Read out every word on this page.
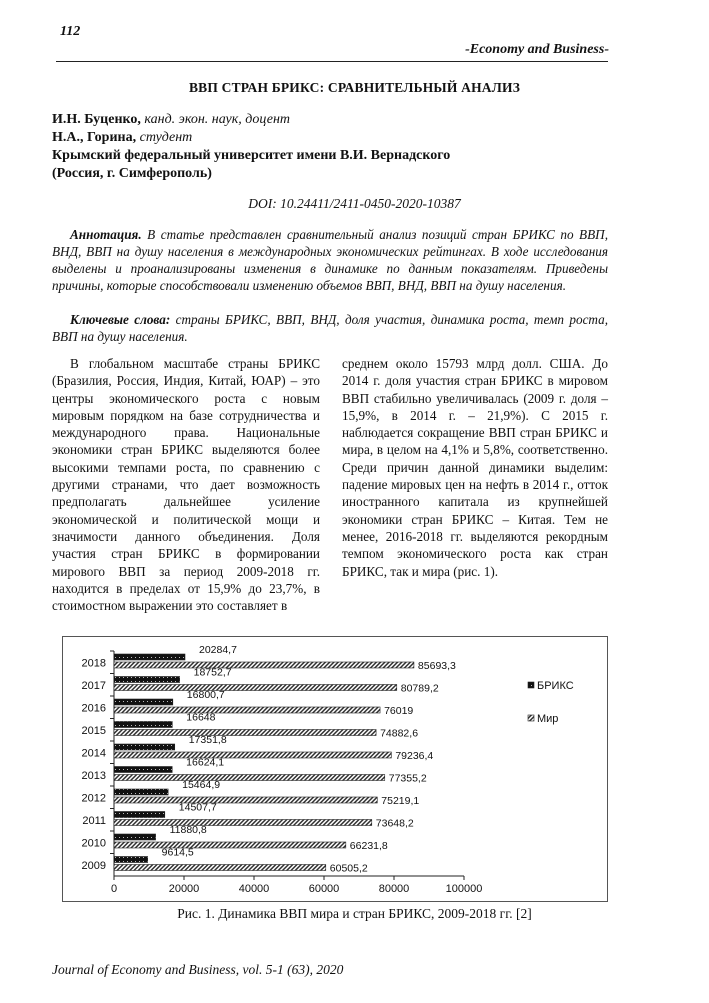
112
-Economy and Business-
ВВП СТРАН БРИКС: СРАВНИТЕЛЬНЫЙ АНАЛИЗ
И.Н. Буценко, канд. экон. наук, доцент
Н.А., Горина, студент
Крымский федеральный университет имени В.И. Вернадского
(Россия, г. Симферополь)
DOI: 10.24411/2411-0450-2020-10387
Аннотация. В статье представлен сравнительный анализ позиций стран БРИКС по ВВП, ВНД, ВВП на душу населения в международных экономических рейтингах. В ходе исследования выделены и проанализированы изменения в динамике по данным показателям. Приведены причины, которые способствовали изменению объемов ВВП, ВНД, ВВП на душу населения.
Ключевые слова: страны БРИКС, ВВП, ВНД, доля участия, динамика роста, темп роста, ВВП на душу населения.
В глобальном масштабе страны БРИКС (Бразилия, Россия, Индия, Китай, ЮАР) – это центры экономического роста с новым мировым порядком на базе сотрудничества и международного права. Национальные экономики стран БРИКС выделяются более высокими темпами роста, по сравнению с другими странами, что дает возможность предполагать дальнейшее усиление экономической и политической мощи и значимости данного объединения. Доля участия стран БРИКС в формировании мирового ВВП за период 2009-2018 гг. находится в пределах от 15,9% до 23,7%, в стоимостном выражении это составляет в
среднем около 15793 млрд долл. США. До 2014 г. доля участия стран БРИКС в мировом ВВП стабильно увеличивалась (2009 г. доля – 15,9%, в 2014 г. – 21,9%). С 2015 г. наблюдается сокращение ВВП стран БРИКС и мира, в целом на 4,1% и 5,8%, соответственно. Среди причин данной динамики выделим: падение мировых цен на нефть в 2014 г., отток иностранного капитала из крупнейшей экономики стран БРИКС – Китая. Тем не менее, 2016-2018 гг. выделяются рекордным темпом экономического роста как стран БРИКС, так и мира (рис. 1).
0	20000	40000	60000	80000	100000
2018
20284,7
85693,3
2017
18752,7
80789,2
2016
16800,7
76019
2015
16648
74882,6
2014
17351,8
79236,4
2013
16624,1
77355,2
2012
15464,9
75219,1
2011
14507,7
73648,2
2010
11880,8
66231,8
2009
9614,5
60505,2
БРИКС
Мир
Рис. 1. Динамика ВВП мира и стран БРИКС, 2009-2018 гг. [2]
Journal of Economy and Business, vol. 5-1 (63), 2020
